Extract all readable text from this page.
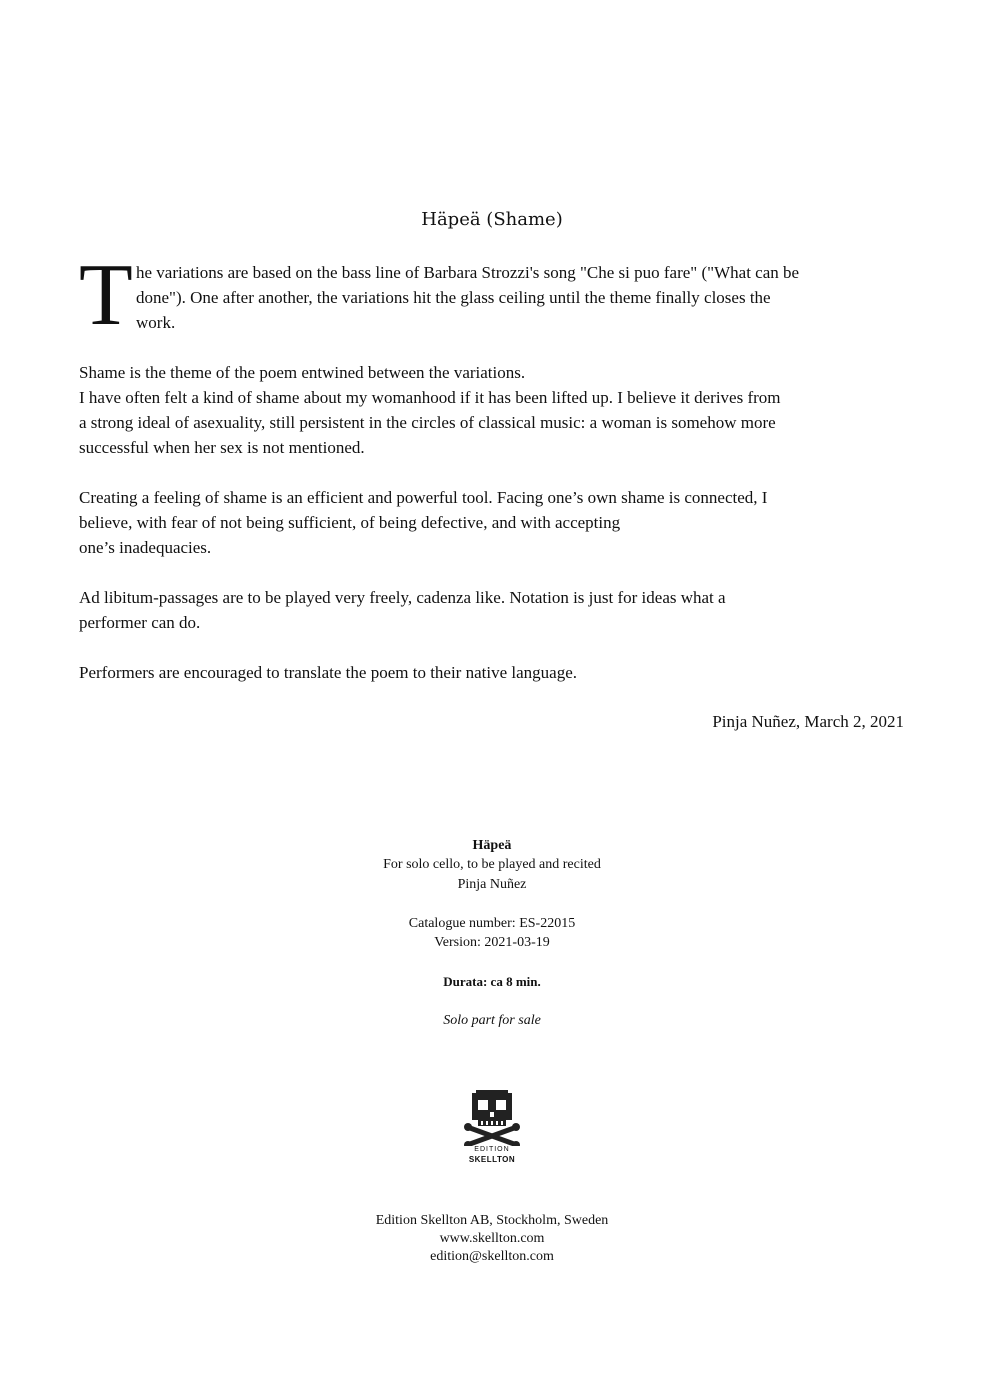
Häpeä (Shame)
T he variations are based on the bass line of Barbara Strozzi's song "Che si puo fare" ("What can be
done"). One after another, the variations hit the glass ceiling until the theme finally closes the
work.
Shame is the theme of the poem entwined between the variations.
I have often felt a kind of shame about my womanhood if it has been lifted up. I believe it derives from
a strong ideal of asexuality, still persistent in the circles of classical music: a woman is somehow more
successful when her sex is not mentioned.
Creating a feeling of shame is an efficient and powerful tool. Facing one’s own shame is connected, I
believe, with fear of not being sufficient, of being defective, and with accepting
one’s inadequacies.
Ad libitum-passages are to be played very freely, cadenza like. Notation is just for ideas what a
performer can do.
Performers are encouraged to translate the poem to their native language.
Pinja Nuñez, March 2, 2021
Häpeä
For solo cello, to be played and recited
Pinja Nuñez
Catalogue number: ES-22015
Version: 2021-03-19
Durata: ca 8 min.
Solo part for sale
EDITION
SKELLTON
Edition Skellton AB, Stockholm, Sweden
www.skellton.com
edition@skellton.com
